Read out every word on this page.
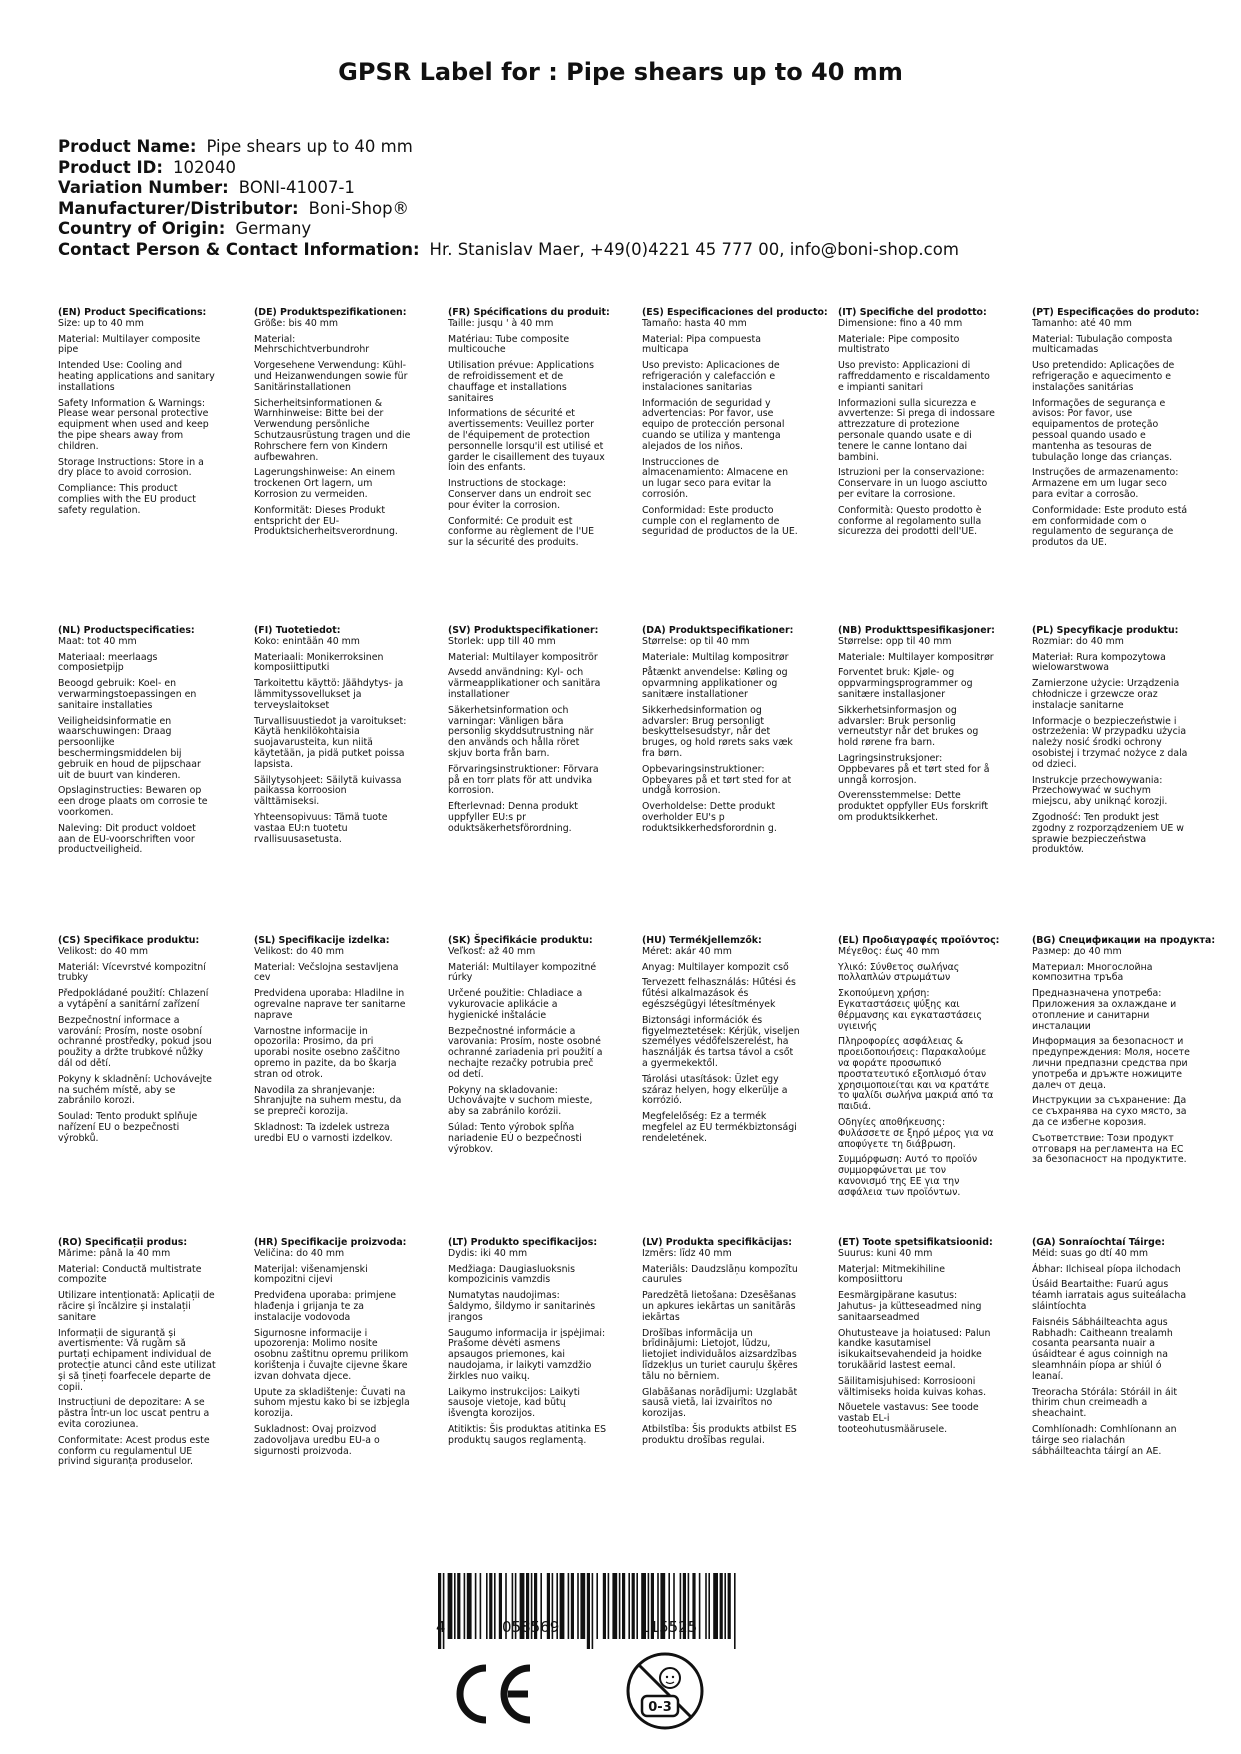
GPSR Label for : Pipe shears up to 40 mm
Product Name: Pipe shears up to 40 mm
Product ID: 102040
Variation Number: BONI-41007-1
Manufacturer/Distributor: Boni-Shop®
Country of Origin: Germany
Contact Person & Contact Information: Hr. Stanislav Maer, +49(0)4221 45 777 00, info@boni-shop.com
(EN) Product Specifications:
Size: up to 40 mm
Material: Multilayer composite pipe
Intended Use: Cooling and heating applications and sanitary installations
Safety Information & Warnings: Please wear personal protective equipment when used and keep the pipe shears away from children.
Storage Instructions: Store in a dry place to avoid corrosion.
Compliance: This product complies with the EU product safety regulation.
(DE) Produktspezifikationen:
Größe: bis 40 mm
Material: Mehrschichtverbundrohr
Vorgesehene Verwendung: Kühl- und Heizanwendungen sowie für Sanitärinstallationen
Sicherheitsinformationen & Warnhinweise: Bitte bei der Verwendung persönliche Schutzausrüstung tragen und die Rohrschere fern von Kindern aufbewahren.
Lagerungshinweise: An einem trockenen Ort lagern, um Korrosion zu vermeiden.
Konformität: Dieses Produkt entspricht der EU-Produktsicherheitsverordnung.
(FR) Spécifications du produit:
Taille: jusqu ' à 40 mm
Matériau: Tube composite multicouche
Utilisation prévue: Applications de refroidissement et de chauffage et installations sanitaires
Informations de sécurité et avertissements: Veuillez porter de l'équipement de protection personnelle lorsqu'il est utilisé et garder le cisaillement des tuyaux loin des enfants.
Instructions de stockage: Conserver dans un endroit sec pour éviter la corrosion.
Conformité: Ce produit est conforme au règlement de l'UE sur la sécurité des produits.
(ES) Especificaciones del producto:
Tamaño: hasta 40 mm
Material: Pipa compuesta multicapa
Uso previsto: Aplicaciones de refrigeración y calefacción e instalaciones sanitarias
Información de seguridad y advertencias: Por favor, use equipo de protección personal cuando se utiliza y mantenga alejados de los niños.
Instrucciones de almacenamiento: Almacene en un lugar seco para evitar la corrosión.
Conformidad: Este producto cumple con el reglamento de seguridad de productos de la UE.
(IT) Specifiche del prodotto:
Dimensione: fino a 40 mm
Materiale: Pipe composito multistrato
Uso previsto: Applicazioni di raffreddamento e riscaldamento e impianti sanitari
Informazioni sulla sicurezza e avvertenze: Si prega di indossare attrezzature di protezione personale quando usate e di tenere le canne lontano dai bambini.
Istruzioni per la conservazione: Conservare in un luogo asciutto per evitare la corrosione.
Conformità: Questo prodotto è conforme al regolamento sulla sicurezza dei prodotti dell'UE.
(PT) Especificações do produto:
Tamanho: até 40 mm
Material: Tubulação composta multicamadas
Uso pretendido: Aplicações de refrigeração e aquecimento e instalações sanitárias
Informações de segurança e avisos: Por favor, use equipamentos de proteção pessoal quando usado e mantenha as tesouras de tubulação longe das crianças.
Instruções de armazenamento: Armazene em um lugar seco para evitar a corrosão.
Conformidade: Este produto está em conformidade com o regulamento de segurança de produtos da UE.
(NL) Productspecificaties:
Maat: tot 40 mm
Materiaal: meerlaags composietpijp
Beoogd gebruik: Koel- en verwarmingstoepassingen en sanitaire installaties
Veiligheidsinformatie en waarschuwingen: Draag persoonlijke beschermingsmiddelen bij gebruik en houd de pijpschaar uit de buurt van kinderen.
Opslaginstructies: Bewaren op een droge plaats om corrosie te voorkomen.
Naleving: Dit product voldoet aan de EU-voorschriften voor productveiligheid.
(FI) Tuotetiedot:
Koko: enintään 40 mm
Materiaali: Monikerroksinen komposiittiputki
Tarkoitettu käyttö: Jäähdytys- ja lämmityssovellukset ja terveyslaitokset
Turvallisuustiedot ja varoitukset: Käytä henkilökohtaisia suojavarusteita, kun niitä käytetään, ja pidä putket poissa lapsista.
Säilytysohjeet: Säilytä kuivassa paikassa korroosion välttämiseksi.
Yhteensopivuus: Tämä tuote vastaa EU:n tuotetu rvallisuusasetusta.
(SV) Produktspecifikationer:
Storlek: upp till 40 mm
Material: Multilayer kompositrör
Avsedd användning: Kyl- och värmeapplikationer och sanitära installationer
Säkerhetsinformation och varningar: Vänligen bära personlig skyddsutrustning när den används och hålla röret skjuv borta från barn.
Förvaringsinstruktioner: Förvara på en torr plats för att undvika korrosion.
Efterlevnad: Denna produkt uppfyller EU:s pr oduktsäkerhetsförordning.
(DA) Produktspecifikationer:
Størrelse: op til 40 mm
Materiale: Multilag kompositrør
Påtænkt anvendelse: Køling og opvarmning applikationer og sanitære installationer
Sikkerhedsinformation og advarsler: Brug personligt beskyttelsesudstyr, når det bruges, og hold rørets saks væk fra børn.
Opbevaringsinstruktioner: Opbevares på et tørt sted for at undgå korrosion.
Overholdelse: Dette produkt overholder EU's p roduktsikkerhedsforordnin g.
(NB) Produkttspesifikasjoner:
Størrelse: opp til 40 mm
Materiale: Multilayer kompositrør
Forventet bruk: Kjøle- og oppvarmingsprogrammer og sanitære installasjoner
Sikkerhetsinformasjon og advarsler: Bruk personlig verneutstyr når det brukes og hold rørene fra barn.
Lagringsinstruksjoner: Oppbevares på et tørt sted for å unngå korrosjon.
Overensstemmelse: Dette produktet oppfyller EUs forskrift om produktsikkerhet.
(PL) Specyfikacje produktu:
Rozmiar: do 40 mm
Materiał: Rura kompozytowa wielowarstwowa
Zamierzone użycie: Urządzenia chłodnicze i grzewcze oraz instalacje sanitarne
Informacje o bezpieczeństwie i ostrzeżenia: W przypadku użycia należy nosić środki ochrony osobistej i trzymać nożyce z dala od dzieci.
Instrukcje przechowywania: Przechowywać w suchym miejscu, aby uniknąć korozji.
Zgodność: Ten produkt jest zgodny z rozporządzeniem UE w sprawie bezpieczeństwa produktów.
(CS) Specifikace produktu:
Velikost: do 40 mm
Materiál: Vícevrstvé kompozitní trubky
Předpokládané použití: Chlazení a vytápění a sanitární zařízení
Bezpečnostní informace a varování: Prosím, noste osobní ochranné prostředky, pokud jsou použity a držte trubkové nůžky dál od dětí.
Pokyny k skladnění: Uchovávejte na suchém místě, aby se zabránilo korozi.
Soulad: Tento produkt splňuje nařízení EU o bezpečnosti výrobků.
(SL) Specifikacije izdelka:
Velikost: do 40 mm
Material: Večslojna sestavljena cev
Predvidena uporaba: Hladilne in ogrevalne naprave ter sanitarne naprave
Varnostne informacije in opozorila: Prosimo, da pri uporabi nosite osebno zaščitno opremo in pazite, da bo škarja stran od otrok.
Navodila za shranjevanje: Shranjujte na suhem mestu, da se prepreči korozija.
Skladnost: Ta izdelek ustreza uredbi EU o varnosti izdelkov.
(SK) Špecifikácie produktu:
Veľkosť: až 40 mm
Materiál: Multilayer kompozitné rúrky
Určené použitie: Chladiace a vykurovacie aplikácie a hygienické inštalácie
Bezpečnostné informácie a varovania: Prosím, noste osobné ochranné zariadenia pri použití a nechajte rezačky potrubia preč od detí.
Pokyny na skladovanie: Uchovávajte v suchom mieste, aby sa zabránilo korózii.
Súlad: Tento výrobok spĺňa nariadenie EÚ o bezpečnosti výrobkov.
(HU) Termékjellemzők:
Méret: akár 40 mm
Anyag: Multilayer kompozit cső
Tervezett felhasználás: Hűtési és fűtési alkalmazások és egészségügyi létesítmények
Biztonsági információk és figyelmeztetések: Kérjük, viseljen személyes védőfelszerelést, ha használják és tartsa távol a csőt a gyermekektől.
Tárolási utasítások: Üzlet egy száraz helyen, hogy elkerülje a korrózió.
Megfelelőség: Ez a termék megfelel az EU termékbiztonsági rendeletének.
(EL) Προδιαγραφές προϊόντος:
Μέγεθος: έως 40 mm
Υλικό: Σύνθετος σωλήνας πολλαπλών στρωμάτων
Σκοπούμενη χρήση: Εγκαταστάσεις ψύξης και θέρμανσης και εγκαταστάσεις υγιεινής
Πληροφορίες ασφάλειας & προειδοποιήσεις: Παρακαλούμε να φοράτε προσωπικό προστατευτικό εξοπλισμό όταν χρησιμοποιείται και να κρατάτε το ψαλίδι σωλήνα μακριά από τα παιδιά.
Οδηγίες αποθήκευσης: Φυλάσσετε σε ξηρό μέρος για να αποφύγετε τη διάβρωση.
Συμμόρφωση: Αυτό το προϊόν συμμορφώνεται με τον κανονισμό της ΕΕ για την ασφάλεια των προϊόντων.
(BG) Спецификации на продукта:
Размер: до 40 mm
Материал: Многослойна композитна тръба
Предназначена употреба: Приложения за охлаждане и отопление и санитарни инсталации
Информация за безопасност и предупреждения: Моля, носете лични предпазни средства при употреба и дръжте ножиците далеч от деца.
Инструкции за съхранение: Да се съхранява на сухо място, за да се избегне корозия.
Съответствие: Този продукт отговаря на регламента на ЕС за безопасност на продуктите.
(RO) Specificații produs:
Mărime: până la 40 mm
Material: Conductă multistrate compozite
Utilizare intenționată: Aplicații de răcire și încălzire și instalații sanitare
Informații de siguranță și avertismente: Vă rugăm să purtați echipament individual de protecție atunci când este utilizat și să țineți foarfecele departe de copii.
Instrucțiuni de depozitare: A se păstra într-un loc uscat pentru a evita coroziunea.
Conformitate: Acest produs este conform cu regulamentul UE privind siguranța produselor.
(HR) Specifikacije proizvoda:
Veličina: do 40 mm
Materijal: višenamjenski kompozitni cijevi
Predviđena uporaba: primjene hlađenja i grijanja te za instalacije vodovoda
Sigurnosne informacije i upozorenja: Molimo nosite osobnu zaštitnu opremu prilikom korištenja i čuvajte cijevne škare izvan dohvata djece.
Upute za skladištenje: Čuvati na suhom mjestu kako bi se izbjegla korozija.
Sukladnost: Ovaj proizvod zadovoljava uredbu EU-a o sigurnosti proizvoda.
(LT) Produkto specifikacijos:
Dydis: iki 40 mm
Medžiaga: Daugiasluoksnis kompozicinis vamzdis
Numatytas naudojimas: Šaldymo, šildymo ir sanitarinės įrangos
Saugumo informacija ir įspėjimai: Prašome dėvėti asmens apsaugos priemones, kai naudojama, ir laikyti vamzdžio žirkles nuo vaikų.
Laikymo instrukcijos: Laikyti sausoje vietoje, kad būtų išvengta korozijos.
Atitiktis: Šis produktas atitinka ES produktų saugos reglamentą.
(LV) Produkta specifikācijas:
Izmērs: līdz 40 mm
Materiāls: Daudzslāņu kompozītu caurules
Paredzētā lietošana: Dzesēšanas un apkures iekārtas un sanitārās iekārtas
Drošības informācija un brīdinājumi: Lietojot, lūdzu, lietojiet individuālos aizsardzības līdzekļus un turiet cauruļu šķēres tālu no bērniem.
Glabāšanas norādījumi: Uzglabāt sausā vietā, lai izvairītos no korozijas.
Atbilstība: Šis produkts atbilst ES produktu drošības regulai.
(ET) Toote spetsifikatsioonid:
Suurus: kuni 40 mm
Materjal: Mitmekihiline komposiittoru
Eesmärgipärane kasutus: Jahutus- ja kütteseadmed ning sanitaarseadmed
Ohutusteave ja hoiatused: Palun kandke kasutamisel isikukaitsevahendeid ja hoidke torukäärid lastest eemal.
Säilitamisjuhised: Korrosiooni vältimiseks hoida kuivas kohas.
Nõuetele vastavus: See toode vastab EL-i tooteohutusmäärusele.
(GA) Sonraíochtaí Táirge:
Méid: suas go dtí 40 mm
Ábhar: Ilchiseal píopa ilchodach
Úsáid Beartaithe: Fuarú agus téamh iarratais agus suiteálacha sláintíochta
Faisnéis Sábháilteachta agus Rabhadh: Caitheann trealamh cosanta pearsanta nuair a úsáidtear é agus coinnigh na sleamhnáin píopa ar shiúl ó leanaí.
Treoracha Stórála: Stóráil in áit thirim chun creimeadh a sheachaint.
Comhlíonadh: Comhlíonann an táirge seo rialachán sábháilteachta táirgí an AE.
4	058569	115525
0-3
